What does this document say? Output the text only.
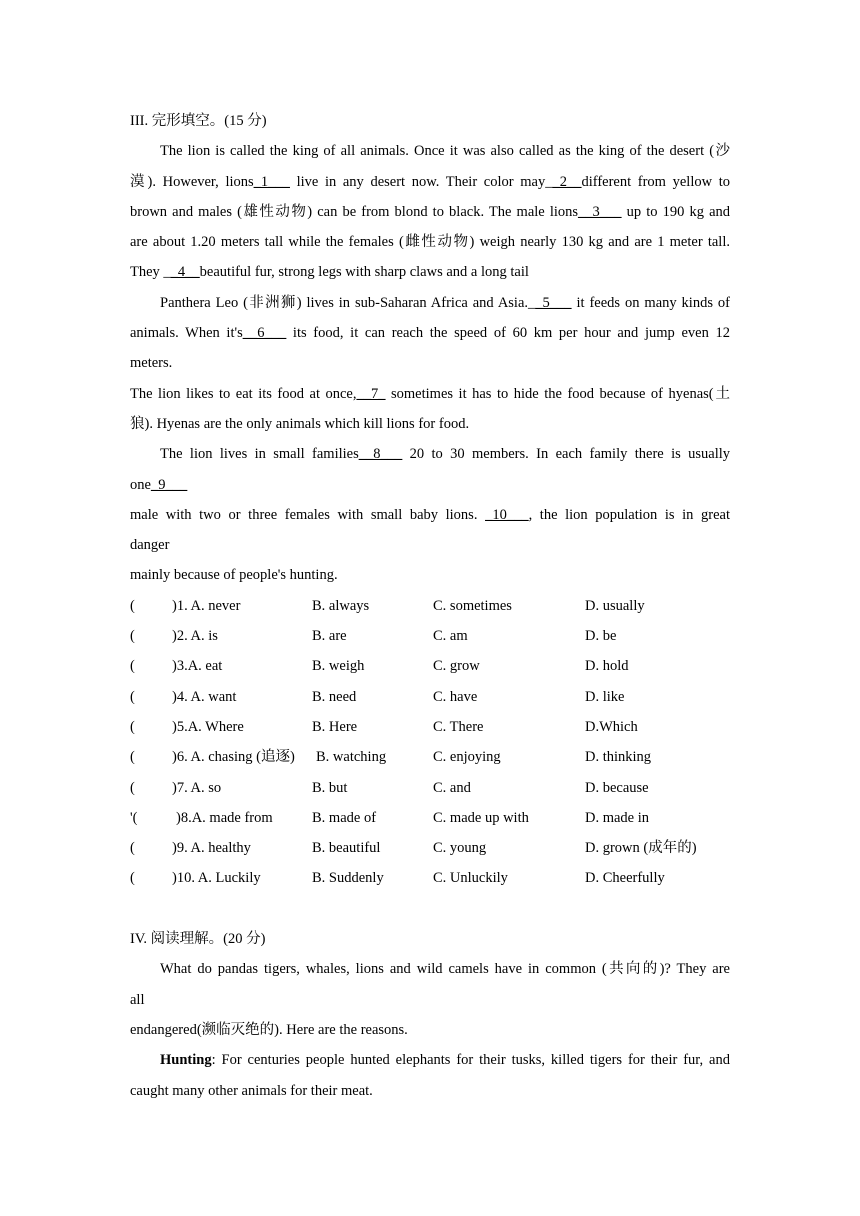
III. 完形填空。(15 分)
The lion is called the king of all animals. Once it was also called as the king of the desert (沙
漠). However, lions_1___ live in any desert now. Their color may__2__different from yellow to
brown and males (雄性动物) can be from blond to black. The male lions__3___ up to 190 kg and
are about 1.20 meters tall while the females (雌性动物) weigh nearly 130 kg and are 1 meter tall.
They __4__beautiful fur, strong legs with sharp claws and a long tail
Panthera Leo (非洲狮) lives in sub-Saharan Africa and Asia.__5___ it feeds on many kinds of
animals. When it's__6___ its food, it can reach the speed of 60 km per hour and jump even 12
meters.
The lion likes to eat its food at once,__7_ sometimes it has to hide the food because of hyenas(土
狼). Hyenas are the only animals which kill lions for food.
The lion lives in small families__8___ 20 to 30 members. In each family there is usually
one_9___
male with two or three females with small baby lions. _10___, the lion population is in great
danger
mainly because of people's hunting.
(	)1. A. never	B. always	C. sometimes	D. usually
(	)2. A. is	B. are	C. am	D. be
(	)3.A. eat	B. weigh	C. grow	D. hold
(	)4. A. want	B. need	C. have	D. like
(	)5.A. Where	B. Here	C. There	D.Which
(	)6. A. chasing (追逐) B. watching	C. enjoying	D. thinking
(	)7. A. so	B. but	C. and	D. because
'(	)8.A. made from	B. made of	C. made up with	D. made in
(	)9. A. healthy	B. beautiful	C. young	D. grown (成年的)
(	)10. A. Luckily	B. Suddenly	C. Unluckily	D. Cheerfully
IV. 阅读理解。(20 分)
What do pandas tigers, whales, lions and wild camels have in common (共向的)? They are
all
endangered(濒临灭绝的). Here are the reasons.
Hunting: For centuries people hunted elephants for their tusks, killed tigers for their fur, and
caught many other animals for their meat.
